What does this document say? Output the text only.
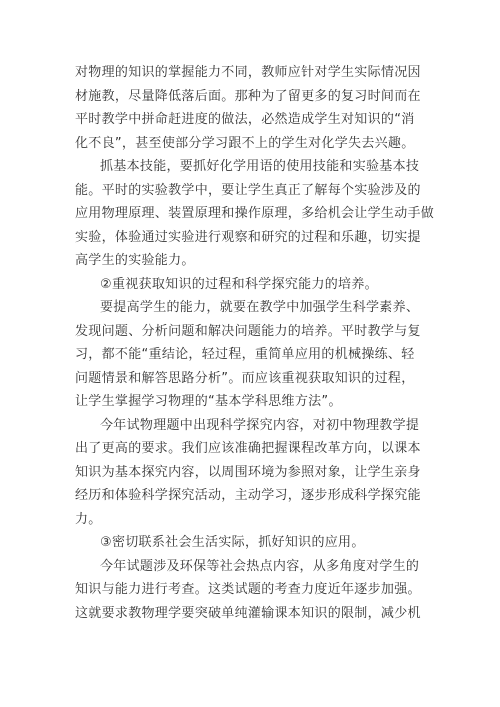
对物理的知识的掌握能力不同，教师应针对学生实际情况因
材施教，尽量降低落后面。那种为了留更多的复习时间而在
平时教学中拼命赶进度的做法，必然造成学生对知识的“消
化不良”，甚至使部分学习跟不上的学生对化学失去兴趣。
抓基本技能，要抓好化学用语的使用技能和实验基本技
能。平时的实验教学中，要让学生真正了解每个实验涉及的
应用物理原理、装置原理和操作原理，多给机会让学生动手做
实验，体验通过实验进行观察和研究的过程和乐趣，切实提
高学生的实验能力。
②重视获取知识的过程和科学探究能力的培养。
要提高学生的能力，就要在教学中加强学生科学素养、
发现问题、分析问题和解决问题能力的培养。平时教学与复
习，都不能“重结论，轻过程，重简单应用的机械操练、轻
问题情景和解答思路分析”。而应该重视获取知识的过程，
让学生掌握学习物理的“基本学科思维方法”。
今年试物理题中出现科学探究内容，对初中物理教学提
出了更高的要求。我们应该准确把握课程改革方向，以课本
知识为基本探究内容，以周围环境为参照对象，让学生亲身
经历和体验科学探究活动，主动学习，逐步形成科学探究能
力。
③密切联系社会生活实际，抓好知识的应用。
今年试题涉及环保等社会热点内容，从多角度对学生的
知识与能力进行考查。这类试题的考查力度近年逐步加强。
这就要求教物理学要突破单纯灌输课本知识的限制，减少机
